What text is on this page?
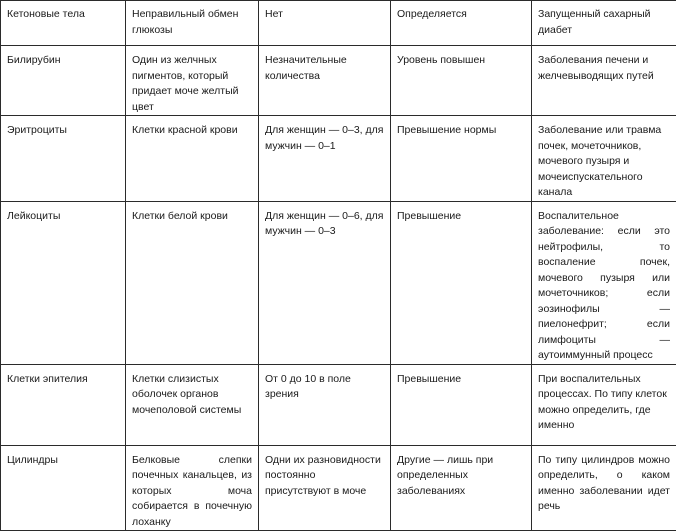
Кетоновые тела	Неправильный обмен глюкозы	Нет	Определяется	Запущенный сахарный диабет
Билирубин	Один из желчных пигментов, который придает моче желтый цвет	Незначительные количества	Уровень повышен	Заболевания печени и желчевыводящих путей
Эритроциты	Клетки красной крови	Для женщин — 0–3, для мужчин — 0–1	Превышение нормы	Заболевание или травма почек, мочеточников, мочевого пузыря и мочеиспускательного канала
Лейкоциты	Клетки белой крови	Для женщин — 0–6, для мужчин — 0–3	Превышение	Воспалительное заболевание: если это нейтрофилы, то воспаление почек, мочевого пузыря или мочеточников; если эозинофилы — пиелонефрит; если лимфоциты — аутоиммунный процесс
Клетки эпителия	Клетки слизистых оболочек органов мочеполовой системы	От 0 до 10 в поле зрения	Превышение	При воспалительных процессах. По типу клеток можно определить, где именно
Цилиндры	Белковые слепки почечных канальцев, из которых моча собирается в почечную лоханку	Одни их разновидности постоянно присутствуют в моче	Другие — лишь при определенных заболеваниях	По типу цилиндров можно определить, о каком именно заболевании идет речь
